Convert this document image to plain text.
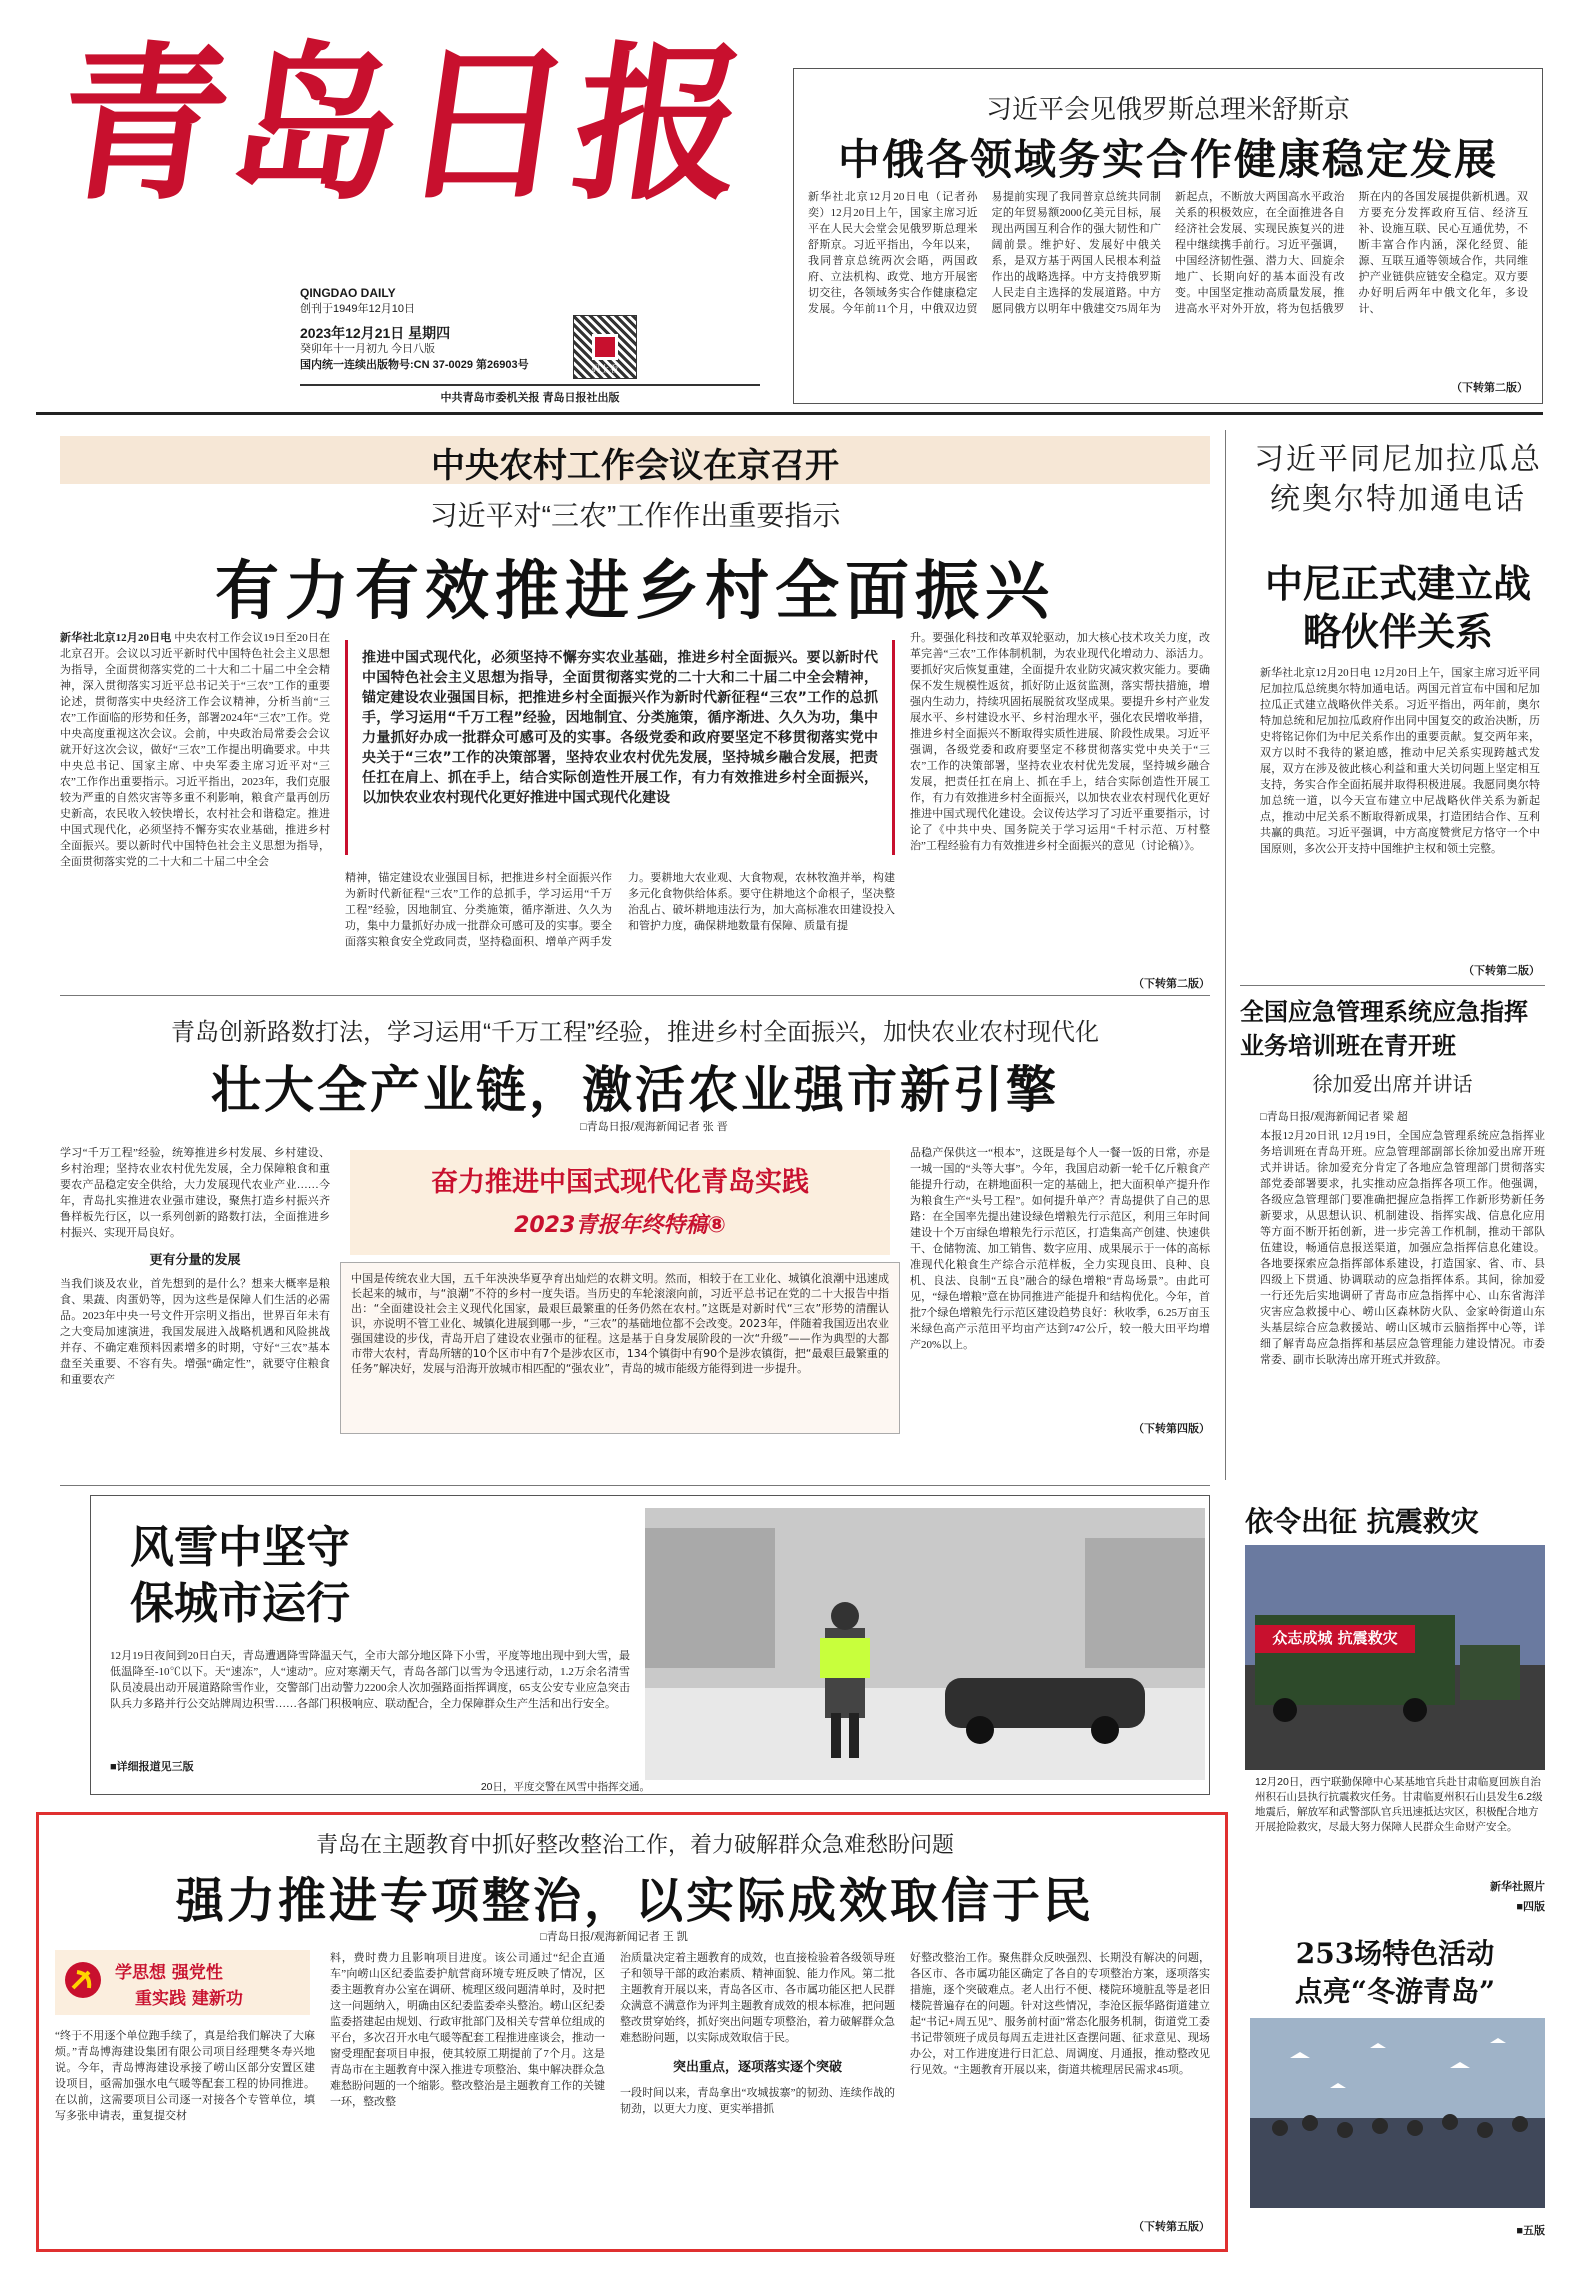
青岛日报
QINGDAO DAILY
创刊于1949年12月10日
2023年12月21日 星期四
癸卯年十一月初九 今日八版
国内统一连续出版物号:CN 37-0029 第26903号	码上看
中共青岛市委机关报 青岛日报社出版
习近平会见俄罗斯总理米舒斯京
中俄各领域务实合作健康稳定发展
新华社北京12月20日电（记者孙奕）12月20日上午，国家主席习近平在人民大会堂会见俄罗斯总理米舒斯京。习近平指出，今年以来，我同普京总统两次会晤，两国政府、立法机构、政党、地方开展密切交往，各领域务实合作健康稳定发展。今年前11个月，中俄双边贸易提前实现了我同普京总统共同制定的年贸易额2000亿美元目标，展现出两国互利合作的强大韧性和广阔前景。维护好、发展好中俄关系，是双方基于两国人民根本利益作出的战略选择。中方支持俄罗斯人民走自主选择的发展道路。中方愿同俄方以明年中俄建交75周年为新起点，不断放大两国高水平政治关系的积极效应，在全面推进各自经济社会发展、实现民族复兴的进程中继续携手前行。习近平强调，中国经济韧性强、潜力大、回旋余地广、长期向好的基本面没有改变。中国坚定推动高质量发展，推进高水平对外开放，将为包括俄罗斯在内的各国发展提供新机遇。双方要充分发挥政府互信、经济互补、设施互联、民心互通优势，不断丰富合作内涵，深化经贸、能源、互联互通等领域合作，共同维护产业链供应链安全稳定。双方要办好明后两年中俄文化年，多设计、
（下转第二版）
中央农村工作会议在京召开
习近平对“三农”工作作出重要指示
有力有效推进乡村全面振兴
新华社北京12月20日电 中央农村工作会议19日至20日在北京召开。会议以习近平新时代中国特色社会主义思想为指导，全面贯彻落实党的二十大和二十届二中全会精神，深入贯彻落实习近平总书记关于“三农”工作的重要论述，贯彻落实中央经济工作会议精神，分析当前“三农”工作面临的形势和任务，部署2024年“三农”工作。党中央高度重视这次会议。会前，中央政治局常委会会议就开好这次会议，做好“三农”工作提出明确要求。中共中央总书记、国家主席、中央军委主席习近平对“三农”工作作出重要指示。习近平指出，2023年，我们克服较为严重的自然灾害等多重不利影响，粮食产量再创历史新高，农民收入较快增长，农村社会和谐稳定。推进中国式现代化，必须坚持不懈夯实农业基础，推进乡村全面振兴。要以新时代中国特色社会主义思想为指导，全面贯彻落实党的二十大和二十届二中全会
推进中国式现代化，必须坚持不懈夯实农业基础，推进乡村全面振兴。要以新时代中国特色社会主义思想为指导，全面贯彻落实党的二十大和二十届二中全会精神，锚定建设农业强国目标，把推进乡村全面振兴作为新时代新征程“三农”工作的总抓手，学习运用“千万工程”经验，因地制宜、分类施策，循序渐进、久久为功，集中力量抓好办成一批群众可感可及的实事。各级党委和政府要坚定不移贯彻落实党中央关于“三农”工作的决策部署，坚持农业农村优先发展，坚持城乡融合发展，把责任扛在肩上、抓在手上，结合实际创造性开展工作，有力有效推进乡村全面振兴，以加快农业农村现代化更好推进中国式现代化建设
精神，锚定建设农业强国目标，把推进乡村全面振兴作为新时代新征程“三农”工作的总抓手，学习运用“千万工程”经验，因地制宜、分类施策，循序渐进、久久为功，集中力量抓好办成一批群众可感可及的实事。要全面落实粮食安全党政同责，坚持稳面积、增单产两手发力。要耕地大农业观、大食物观，农林牧渔并举，构建多元化食物供给体系。要守住耕地这个命根子，坚决整治乱占、破坏耕地违法行为，加大高标准农田建设投入和管护力度，确保耕地数量有保障、质量有提
升。要强化科技和改革双轮驱动，加大核心技术攻关力度，改革完善“三农”工作体制机制，为农业现代化增动力、添活力。要抓好灾后恢复重建，全面提升农业防灾减灾救灾能力。要确保不发生规模性返贫，抓好防止返贫监测，落实帮扶措施，增强内生动力，持续巩固拓展脱贫攻坚成果。要提升乡村产业发展水平、乡村建设水平、乡村治理水平，强化农民增收举措，推进乡村全面振兴不断取得实质性进展、阶段性成果。习近平强调，各级党委和政府要坚定不移贯彻落实党中央关于“三农”工作的决策部署，坚持农业农村优先发展，坚持城乡融合发展，把责任扛在肩上、抓在手上，结合实际创造性开展工作，有力有效推进乡村全面振兴，以加快农业农村现代化更好推进中国式现代化建设。会议传达学习了习近平重要指示，讨论了《中共中央、国务院关于学习运用“千村示范、万村整治”工程经验有力有效推进乡村全面振兴的意见（讨论稿）》。
（下转第二版）
习近平同尼加拉瓜总统奥尔特加通电话
中尼正式建立战略伙伴关系
新华社北京12月20日电 12月20日上午，国家主席习近平同尼加拉瓜总统奥尔特加通电话。两国元首宣布中国和尼加拉瓜正式建立战略伙伴关系。习近平指出，两年前，奥尔特加总统和尼加拉瓜政府作出同中国复交的政治决断，历史将铭记你们为中尼关系作出的重要贡献。复交两年来，双方以时不我待的紧迫感，推动中尼关系实现跨越式发展，双方在涉及彼此核心利益和重大关切问题上坚定相互支持，务实合作全面拓展并取得积极进展。我愿同奥尔特加总统一道，以今天宣布建立中尼战略伙伴关系为新起点，推动中尼关系不断取得新成果，打造团结合作、互利共赢的典范。习近平强调，中方高度赞赏尼方恪守一个中国原则，多次公开支持中国维护主权和领土完整。
（下转第二版）
青岛创新路数打法，学习运用“千万工程”经验，推进乡村全面振兴，加快农业农村现代化
壮大全产业链，激活农业强市新引擎
□青岛日报/观海新闻记者 张 晋
学习“千万工程”经验，统筹推进乡村发展、乡村建设、乡村治理；坚持农业农村优先发展，全力保障粮食和重要农产品稳定安全供给，大力发展现代农业产业……今年，青岛扎实推进农业强市建设，聚焦打造乡村振兴齐鲁样板先行区，以一系列创新的路数打法，全面推进乡村振兴、实现开局良好。
更有分量的发展
当我们谈及农业，首先想到的是什么？想来大概率是粮食、果蔬、肉蛋奶等，因为这些是保障人们生活的必需品。2023年中央一号文件开宗明义指出，世界百年未有之大变局加速演进，我国发展进入战略机遇和风险挑战并存、不确定难预料因素增多的时期，守好“三农”基本盘至关重要、不容有失。增强“确定性”，就要守住粮食和重要农产
奋力推进中国式现代化青岛实践
2023青报年终特稿⑧
中国是传统农业大国，五千年泱泱华夏孕育出灿烂的农耕文明。然而，相较于在工业化、城镇化浪潮中迅速成长起来的城市，与“浪潮”不符的乡村一度失语。当历史的车轮滚滚向前，习近平总书记在党的二十大报告中指出：“全面建设社会主义现代化国家，最艰巨最繁重的任务仍然在农村。”这既是对新时代“三农”形势的清醒认识，亦说明不管工业化、城镇化进展到哪一步，“三农”的基础地位都不会改变。2023年，伴随着我国迈出农业强国建设的步伐，青岛开启了建设农业强市的征程。这是基于自身发展阶段的一次“升级”——作为典型的大都市带大农村，青岛所辖的10个区市中有7个是涉农区市，134个镇街中有90个是涉农镇街，把“最艰巨最繁重的任务”解决好，发展与沿海开放城市相匹配的“强农业”，青岛的城市能级方能得到进一步提升。
品稳产保供这一“根本”，这既是每个人一餐一饭的日常，亦是一城一国的“头等大事”。今年，我国启动新一轮千亿斤粮食产能提升行动，在耕地面积一定的基础上，把大面积单产提升作为粮食生产“头号工程”。如何提升单产？青岛提供了自己的思路：在全国率先提出建设绿色增粮先行示范区，利用三年时间建设十个万亩绿色增粮先行示范区，打造集高产创建、快速供干、仓储物流、加工销售、数字应用、成果展示于一体的高标准现代化粮食生产综合示范样板，全力实现良田、良种、良机、良法、良制“五良”融合的绿色增粮“青岛场景”。由此可见，“绿色增粮”意在协同推进产能提升和结构优化。今年，首批7个绿色增粮先行示范区建设趋势良好：秋收季，6.25万亩玉米绿色高产示范田平均亩产达到747公斤，较一般大田平均增产20%以上。
（下转第四版）
全国应急管理系统应急指挥业务培训班在青开班
徐加爱出席并讲话
□青岛日报/观海新闻记者 梁 超
本报12月20日讯 12月19日，全国应急管理系统应急指挥业务培训班在青岛开班。应急管理部副部长徐加爱出席开班式并讲话。徐加爱充分肯定了各地应急管理部门贯彻落实部党委部署要求，扎实推动应急指挥各项工作。他强调，各级应急管理部门要准确把握应急指挥工作新形势新任务新要求，从思想认识、机制建设、指挥实战、信息化应用等方面不断开拓创新，进一步完善工作机制，推动干部队伍建设，畅通信息报送渠道，加强应急指挥信息化建设。各地要探索应急指挥部体系建设，打造国家、省、市、县四级上下贯通、协调联动的应急指挥体系。其间，徐加爱一行还先后实地调研了青岛市应急指挥中心、山东省海洋灾害应急救援中心、崂山区森林防火队、金家岭街道山东头基层综合应急救援站、崂山区城市云脑指挥中心等，详细了解青岛应急指挥和基层应急管理能力建设情况。市委常委、副市长耿涛出席开班式并致辞。
风雪中坚守
保城市运行
12月19日夜间到20日白天，青岛遭遇降雪降温天气，全市大部分地区降下小雪，平度等地出现中到大雪，最低温降至-10℃以下。天“速冻”，人“速动”。应对寒潮天气，青岛各部门以雪为令迅速行动，1.2万余名清雪队员凌晨出动开展道路除雪作业，交警部门出动警力2200余人次加强路面指挥调度，65支公安专业应急突击队兵力多路并行公交站牌周边积雪……各部门积极响应、联动配合，全力保障群众生产生活和出行安全。
■详细报道见三版
20日，平度交警在风雪中指挥交通。
依令出征 抗震救灾
众志成城 抗震救灾
12月20日，西宁联勤保障中心某基地官兵赴甘肃临夏回族自治州积石山县执行抗震救灾任务。甘肃临夏州积石山县发生6.2级地震后，解放军和武警部队官兵迅速抵达灾区，积极配合地方开展抢险救灾，尽最大努力保障人民群众生命财产安全。
新华社照片
■四版
青岛在主题教育中抓好整改整治工作，着力破解群众急难愁盼问题
强力推进专项整治，以实际成效取信于民
□青岛日报/观海新闻记者 王 凯
学思想 强党性
重实践 建新功
“终于不用逐个单位跑手续了，真是给我们解决了大麻烦。”青岛博海建设集团有限公司项目经理樊冬寿兴地说。今年，青岛博海建设承接了崂山区部分安置区建设项目，亟需加强水电气暖等配套工程的协同推进。在以前，这需要项目公司逐一对接各个专管单位，填写多张申请表，重复提交材
料，费时费力且影响项目进度。该公司通过“纪企直通车”向崂山区纪委监委护航营商环境专班反映了情况，区委主题教育办公室在调研、梳理区级问题清单时，及时把这一问题纳入，明确由区纪委监委牵头整治。崂山区纪委监委搭建起由规划、行政审批部门及相关专营单位组成的平台，多次召开水电气暖等配套工程推进座谈会，推动一窗受理配套项目申报，使其较原工期提前了7个月。这是青岛市在主题教育中深入推进专项整治、集中解决群众急难愁盼问题的一个缩影。整改整治是主题教育工作的关键一环，整改整
治质量决定着主题教育的成效，也直接检验着各级领导班子和领导干部的政治素质、精神面貌、能力作风。第二批主题教育开展以来，青岛各区市、各市属功能区把人民群众满意不满意作为评判主题教育成效的根本标准，把问题整改贯穿始终，抓好突出问题专项整治，着力破解群众急难愁盼问题，以实际成效取信于民。
突出重点，逐项落实逐个突破
一段时间以来，青岛拿出“攻城拔寨”的韧劲、连续作战的韧劲，以更大力度、更实举措抓
好整改整治工作。聚焦群众反映强烈、长期没有解决的问题，各区市、各市属功能区确定了各自的专项整治方案，逐项落实措施，逐个突破难点。老人出行不便、楼院环境脏乱等是老旧楼院普遍存在的问题。针对这些情况，李沧区振华路街道建立起“书记+周五见”、服务前村面”常态化服务机制，街道党工委书记带领班子成员每周五走进社区查摆问题、征求意见、现场办公，对工作进度进行日汇总、周调度、月通报，推动整改见行见效。“主题教育开展以来，街道共梳理居民需求45项。
（下转第五版）
253场特色活动
点亮“冬游青岛”
■五版
